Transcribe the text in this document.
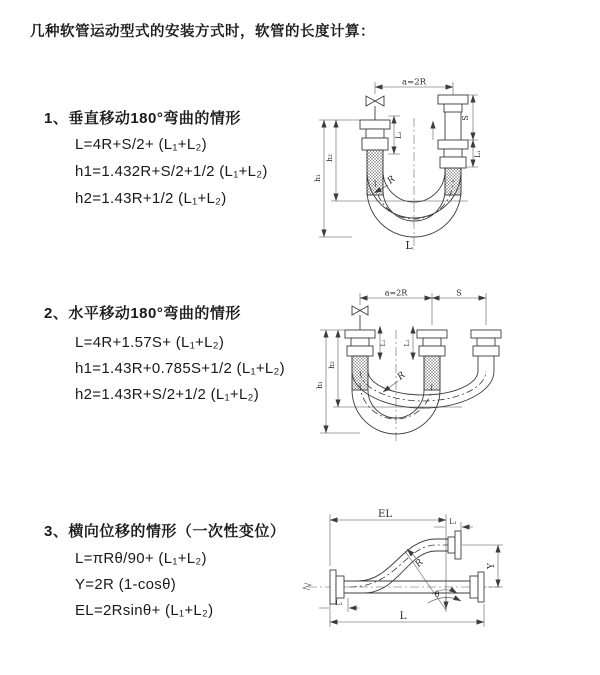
几种软管运动型式的安装方式时，软管的长度计算：
1、垂直移动180°弯曲的情形
L=4R+S/2+ (L₁+L₂)
h1=1.432R+S/2+1/2 (L₁+L₂)
h2=1.43R+1/2 (L₁+L₂)
2、水平移动180°弯曲的情形
L=4R+1.57S+ (L₁+L₂)
h1=1.43R+0.785S+1/2 (L₁+L₂)
h2=1.43R+S/2+1/2 (L₁+L₂)
3、横向位移的情形（一次性变位）
L=πRθ/90+ (L₁+L₂)
Y=2R (1-cosθ)
EL=2Rsinθ+ (L₁+L₂)
a=2R
L₁
S
L₁
h₁
h₂
R
L
a=2R	S
L₁ L₁
h₁
h₂
R
EL
L₁
Y
R
θ
L
L₁
